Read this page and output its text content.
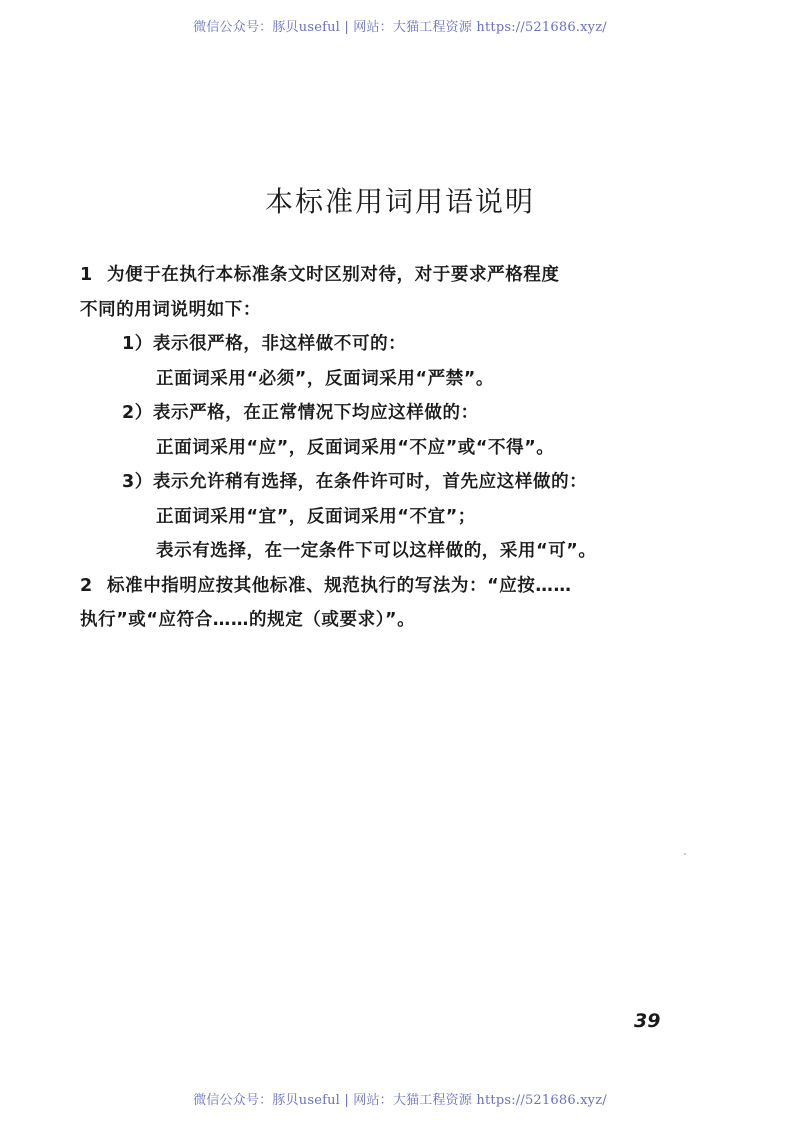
微信公众号：豚贝useful | 网站：大猫工程资源 https://521686.xyz/
本标准用词用语说明
1 为便于在执行本标准条文时区别对待，对于要求严格程度
不同的用词说明如下：
1）表示很严格，非这样做不可的：
正面词采用“必须”，反面词采用“严禁”。
2）表示严格，在正常情况下均应这样做的：
正面词采用“应”，反面词采用“不应”或“不得”。
3）表示允许稍有选择，在条件许可时，首先应这样做的：
正面词采用“宜”，反面词采用“不宜”；
表示有选择，在一定条件下可以这样做的，采用“可”。
2 标准中指明应按其他标准、规范执行的写法为：“应按……
执行”或“应符合……的规定（或要求）”。
39
微信公众号：豚贝useful | 网站：大猫工程资源 https://521686.xyz/
